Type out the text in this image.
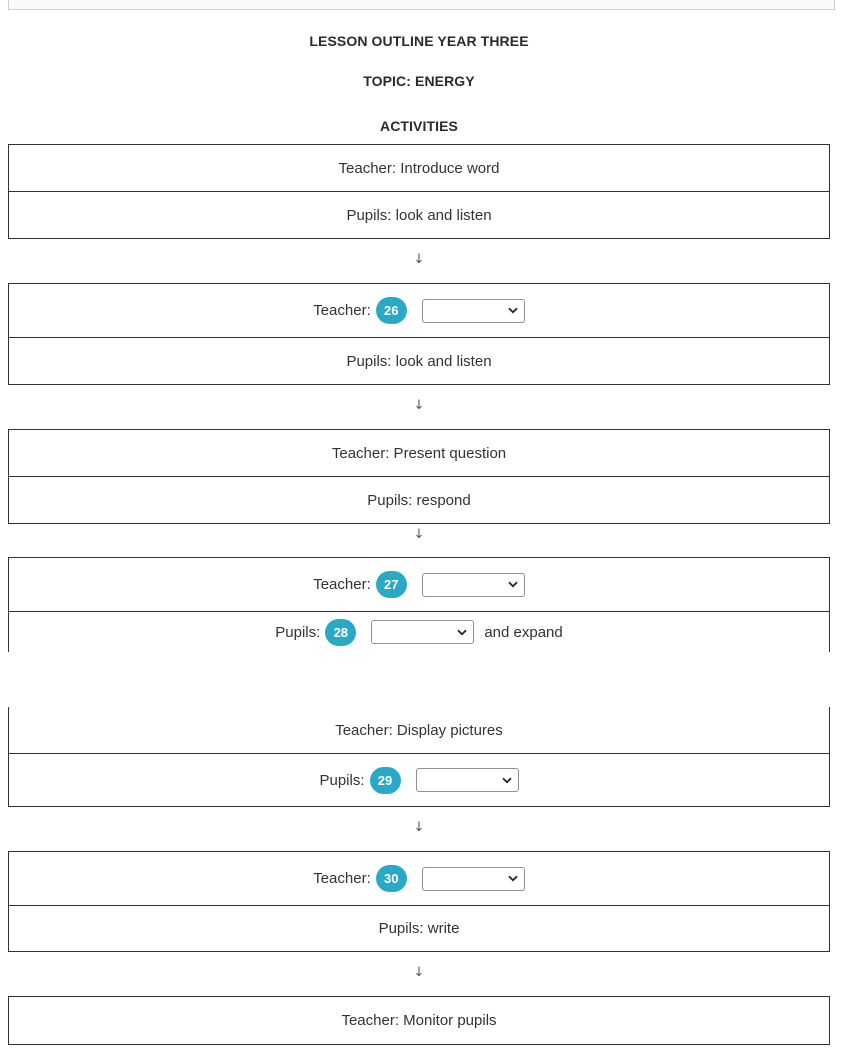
LESSON OUTLINE YEAR THREE
TOPIC: ENERGY
ACTIVITIES
Teacher: Introduce word
Pupils: look and listen
↓
Teacher:	26
Pupils: look and listen
↓
Teacher: Present question
Pupils: respond
↓
Teacher:	27
Pupils:	28	and expand
Teacher: Display pictures
Pupils:	29
↓
Teacher:	30
Pupils: write
↓
Teacher: Monitor pupils
